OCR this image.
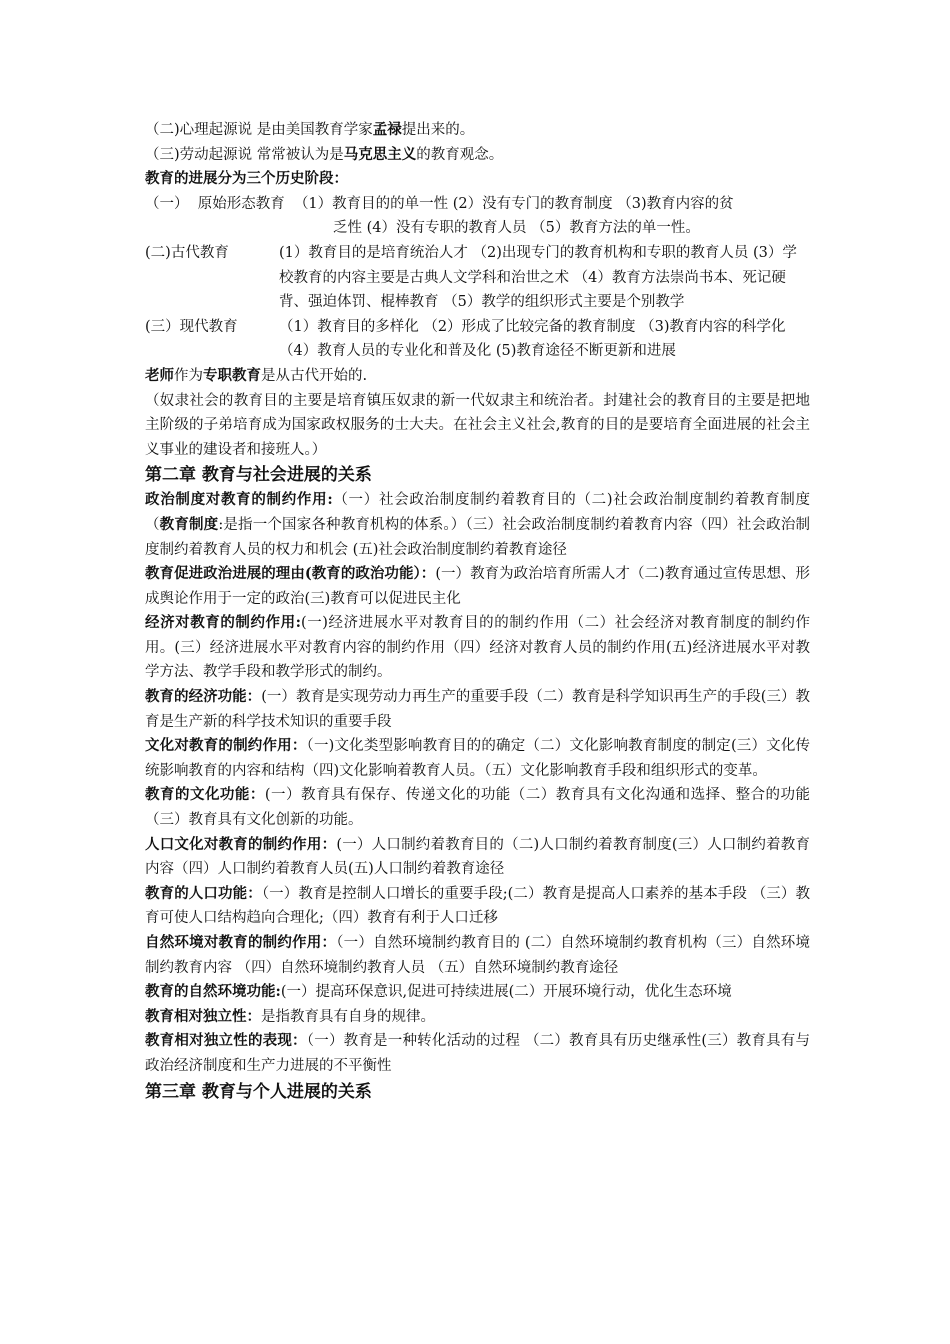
（二)心理起源说 是由美国教育学家孟禄提出来的。

（三)劳动起源说 常常被认为是马克思主义的教育观念。

教育的进展分为三个历史阶段：

（一）  原始形态教育 （1）教育目的的单一性 (2）没有专门的教育制度 （3)教育内容的贫
乏性 (4）没有专职的教育人员 （5）教育方法的单一性。
(二)古代教育	(1）教育目的是培育统治人才 （2)出现专门的教育机构和专职的教育人员 (3）学校教育的内容主要是古典人文学科和治世之术 （4）教育方法崇尚书本、死记硬背、强迫体罚、棍棒教育 （5）教学的组织形式主要是个别教学
(三）现代教育	（1）教育目的多样化 （2）形成了比较完备的教育制度 （3)教育内容的科学化 （4）教育人员的专业化和普及化 (5)教育途径不断更新和进展

老师作为专职教育是从古代开始的.

（奴隶社会的教育目的主要是培育镇压奴隶的新一代奴隶主和统治者。封建社会的教育目的主要是把地主阶级的子弟培育成为国家政权服务的士大夫。在社会主义社会,教育的目的是要培育全面进展的社会主义事业的建设者和接班人。）

第二章 教育与社会进展的关系

政治制度对教育的制约作用:（一）社会政治制度制约着教育目的（二)社会政治制度制约着教育制度 （教育制度:是指一个国家各种教育机构的体系。）（三）社会政治制度制约着教育内容（四）社会政治制度制约着教育人员的权力和机会 (五)社会政治制度制约着教育途径

教育促进政治进展的理由(教育的政治功能）：(一）教育为政治培育所需人才（二)教育通过宣传思想、形成舆论作用于一定的政治(三)教育可以促进民主化

经济对教育的制约作用:(一)经济进展水平对教育目的的制约作用（二）社会经济对教育制度的制约作用。(三）经济进展水平对教育内容的制约作用（四）经济对教育人员的制约作用(五)经济进展水平对教学方法、教学手段和教学形式的制约。

教育的经济功能：(一）教育是实现劳动力再生产的重要手段（二）教育是科学知识再生产的手段(三）教育是生产新的科学技术知识的重要手段

文化对教育的制约作用：（一)文化类型影响教育目的的确定（二）文化影响教育制度的制定(三）文化传统影响教育的内容和结构（四)文化影响着教育人员。（五）文化影响教育手段和组织形式的变革。

教育的文化功能：(一）教育具有保存、传递文化的功能（二）教育具有文化沟通和选择、整合的功能（三）教育具有文化创新的功能。

人口文化对教育的制约作用：(一）人口制约着教育目的（二)人口制约着教育制度(三）人口制约着教育内容（四）人口制约着教育人员(五)人口制约着教育途径

教育的人口功能：（一）教育是控制人口增长的重要手段;(二）教育是提高人口素养的基本手段 （三）教育可使人口结构趋向合理化;（四）教育有利于人口迁移

自然环境对教育的制约作用：（一）自然环境制约教育目的 (二）自然环境制约教育机构（三）自然环境制约教育内容 （四）自然环境制约教育人员 （五）自然环境制约教育途径

教育的自然环境功能:(一）提高环保意识,促进可持续进展(二）开展环境行动，优化生态环境

教育相对独立性：是指教育具有自身的规律。

教育相对独立性的表现：（一）教育是一种转化活动的过程 （二）教育具有历史继承性(三）教育具有与政治经济制度和生产力进展的不平衡性

第三章 教育与个人进展的关系
